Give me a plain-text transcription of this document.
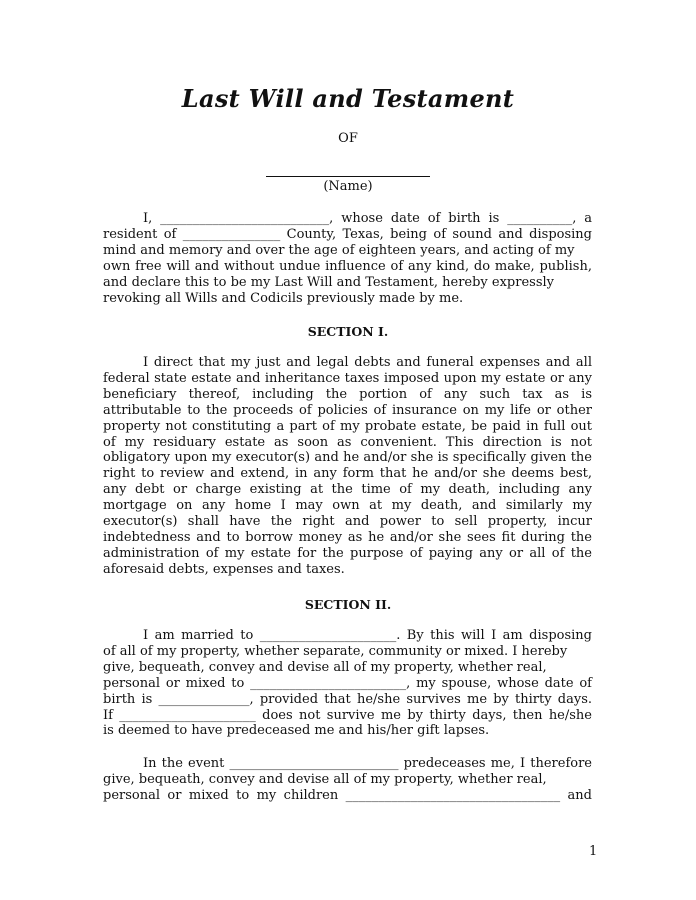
Last Will and Testament
OF
(Name)
I, __________________________, whose date of birth is __________, a
resident of _______________ County, Texas, being of sound and disposing
mind and memory and over the age of eighteen years, and acting of my
own free will and without undue influence of any kind, do make, publish,
and declare this to be my Last Will and Testament, hereby expressly
revoking all Wills and Codicils previously made by me.
SECTION I.
I direct that my just and legal debts and funeral expenses and all federal state estate and inheritance taxes imposed upon my estate or any beneficiary thereof, including the portion of any such tax as is attributable to the proceeds of policies of insurance on my life or other property not constituting a part of my probate estate, be paid in full out of my residuary estate as soon as convenient. This direction is not obligatory upon my executor(s) and he and/or she is specifically given the right to review and extend, in any form that he and/or she deems best, any debt or charge existing at the time of my death, including any mortgage on any home I may own at my death, and similarly my executor(s) shall have the right and power to sell property, incur indebtedness and to borrow money as he and/or she sees fit during the administration of my estate for the purpose of paying any or all of the aforesaid debts, expenses and taxes.
SECTION II.
I am married to _____________________. By this will I am disposing
of all of my property, whether separate, community or mixed. I hereby
give, bequeath, convey and devise all of my property, whether real,
personal or mixed to ________________________, my spouse, whose date of
birth is ______________, provided that he/she survives me by thirty days.
If _____________________ does not survive me by thirty days, then he/she
is deemed to have predeceased me and his/her gift lapses.
In the event __________________________ predeceases me, I therefore
give, bequeath, convey and devise all of my property, whether real,
personal or mixed to my children _________________________________ and
1
